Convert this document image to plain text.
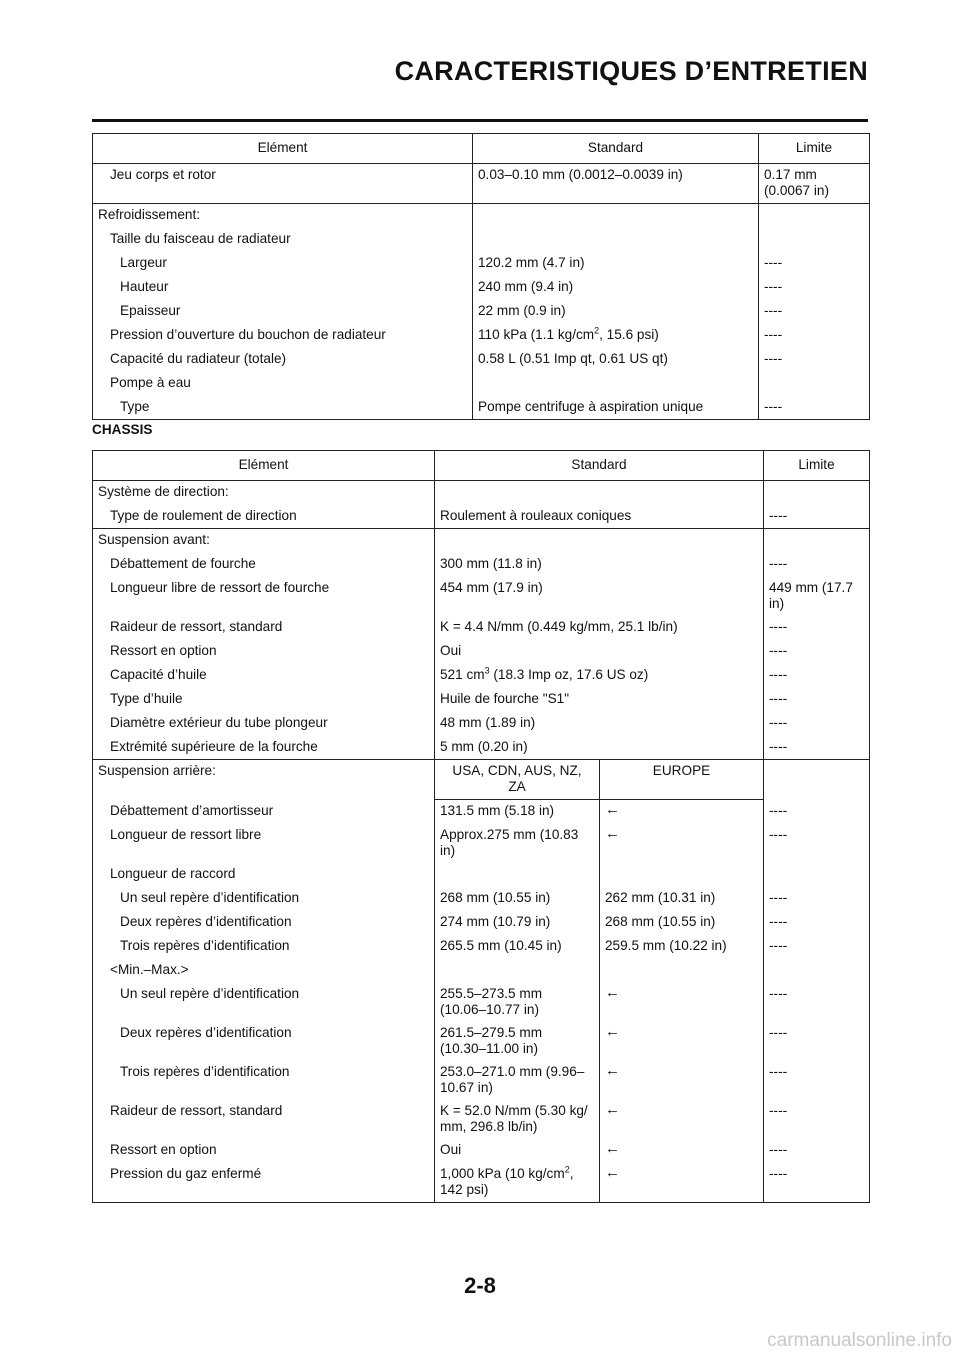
CARACTERISTIQUES D’ENTRETIEN
Elément	Standard	Limite
Jeu corps et rotor	0.03–0.10 mm (0.0012–0.0039 in)	0.17 mm
(0.0067 in)
Refroidissement:		
Taille du faisceau de radiateur		
Largeur	120.2 mm (4.7 in)	----
Hauteur	240 mm (9.4 in)	----
Epaisseur	22 mm (0.9 in)	----
Pression d’ouverture du bouchon de radiateur	110 kPa (1.1 $kg/cm^2$, 15.6 psi)	----
Capacité du radiateur (totale)	0.58 L (0.51 Imp qt, 0.61 US qt)	----
Pompe à eau		
Type	Pompe centrifuge à aspiration unique	----
CHASSIS
Elément	Standard		Limite
Système de direction:			
Type de roulement de direction	Roulement à rouleaux coniques		----
Suspension avant:			
Débattement de fourche	300 mm (11.8 in)		----
Longueur libre de ressort de fourche	454 mm (17.9 in)		449 mm (17.7
in)
Raideur de ressort, standard	K = 4.4 N/mm (0.449 kg/mm, 25.1 lb/in)		----
Ressort en option	Oui		----
Capacité d’huile	521 $cm^3$ (18.3 Imp oz, 17.6 US oz)		----
Type d’huile	Huile de fourche "S1"		----
Diamètre extérieur du tube plongeur	48 mm (1.89 in)		----
Extrémité supérieure de la fourche	5 mm (0.20 in)		----
Suspension arrière:	USA, CDN, AUS, NZ,
ZA	EUROPE	
Débattement d’amortisseur	131.5 mm (5.18 in)	←	----
Longueur de ressort libre	Approx.275 mm (10.83
in)	←	----
Longueur de raccord			
Un seul repère d’identification	268 mm (10.55 in)	262 mm (10.31 in)	----
Deux repères d’identification	274 mm (10.79 in)	268 mm (10.55 in)	----
Trois repères d’identification	265.5 mm (10.45 in)	259.5 mm (10.22 in)	----
<Min.–Max.>			
Un seul repère d’identification	255.5–273.5 mm
(10.06–10.77 in)	←	----
Deux repères d’identification	261.5–279.5 mm
(10.30–11.00 in)	←	----
Trois repères d’identification	253.0–271.0 mm (9.96–
10.67 in)	←	----
Raideur de ressort, standard	K = 52.0 N/mm (5.30 kg/
mm, 296.8 lb/in)	←	----
Ressort en option	Oui	←	----
Pression du gaz enfermé	1,000 kPa (10 $kg/cm^2$,
142 psi)	←	----

2-8

carmanualsonline.info
